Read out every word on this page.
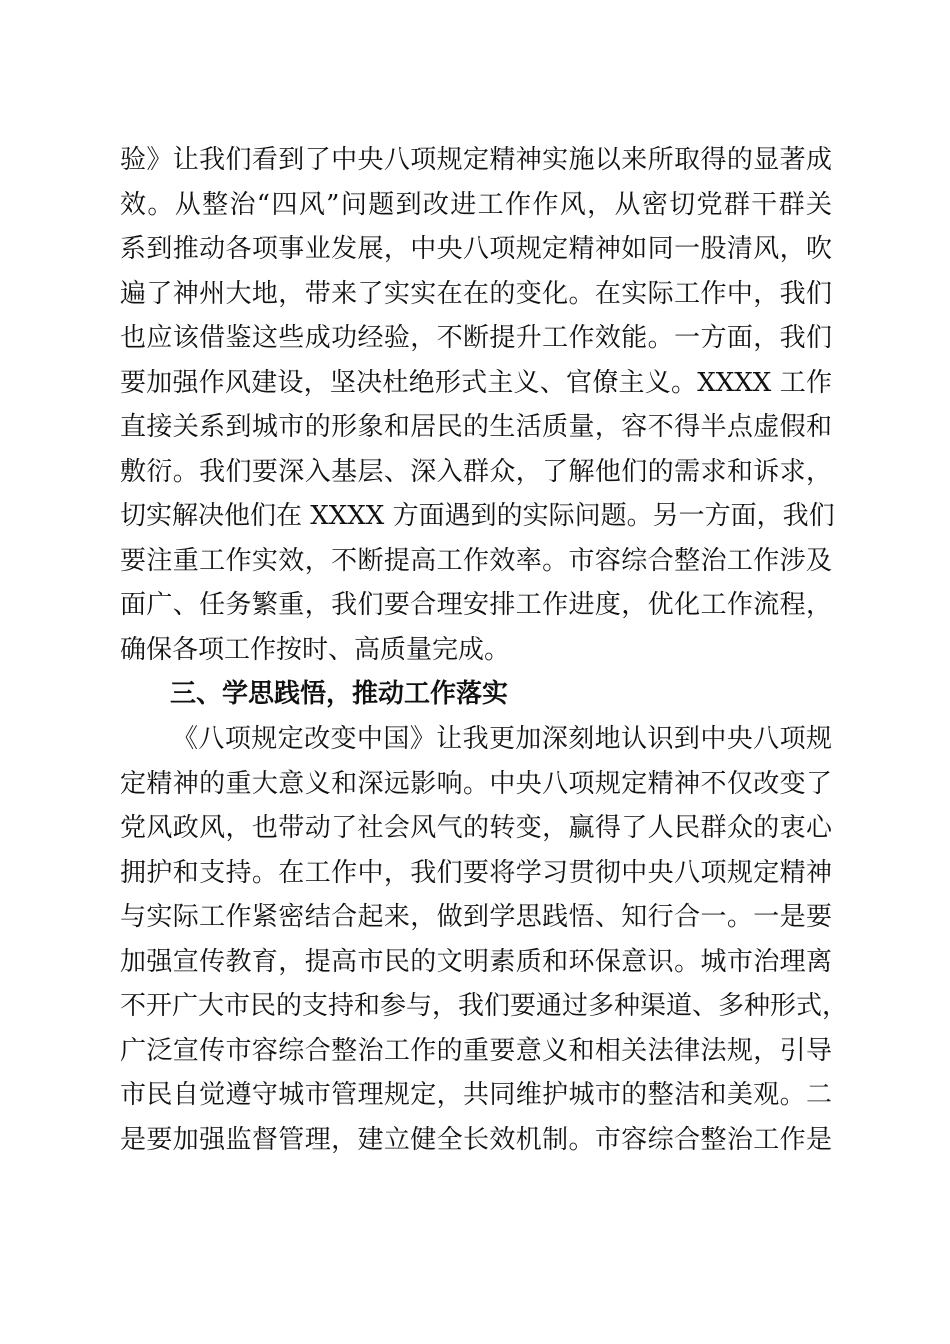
验》让我们看到了中央八项规定精神实施以来所取得的显著成
效。从整治“四风”问题到改进工作作风，从密切党群干群关
系到推动各项事业发展，中央八项规定精神如同一股清风，吹
遍了神州大地，带来了实实在在的变化。在实际工作中，我们
也应该借鉴这些成功经验，不断提升工作效能。一方面，我们
要加强作风建设，坚决杜绝形式主义、官僚主义。XXXX 工作
直接关系到城市的形象和居民的生活质量，容不得半点虚假和
敷衍。我们要深入基层、深入群众，了解他们的需求和诉求，
切实解决他们在 XXXX 方面遇到的实际问题。另一方面，我们
要注重工作实效，不断提高工作效率。市容综合整治工作涉及
面广、任务繁重，我们要合理安排工作进度，优化工作流程，
确保各项工作按时、高质量完成。
三、学思践悟，推动工作落实
《八项规定改变中国》让我更加深刻地认识到中央八项规
定精神的重大意义和深远影响。中央八项规定精神不仅改变了
党风政风，也带动了社会风气的转变，赢得了人民群众的衷心
拥护和支持。在工作中，我们要将学习贯彻中央八项规定精神
与实际工作紧密结合起来，做到学思践悟、知行合一。一是要
加强宣传教育，提高市民的文明素质和环保意识。城市治理离
不开广大市民的支持和参与，我们要通过多种渠道、多种形式，
广泛宣传市容综合整治工作的重要意义和相关法律法规，引导
市民自觉遵守城市管理规定，共同维护城市的整洁和美观。二
是要加强监督管理，建立健全长效机制。市容综合整治工作是
